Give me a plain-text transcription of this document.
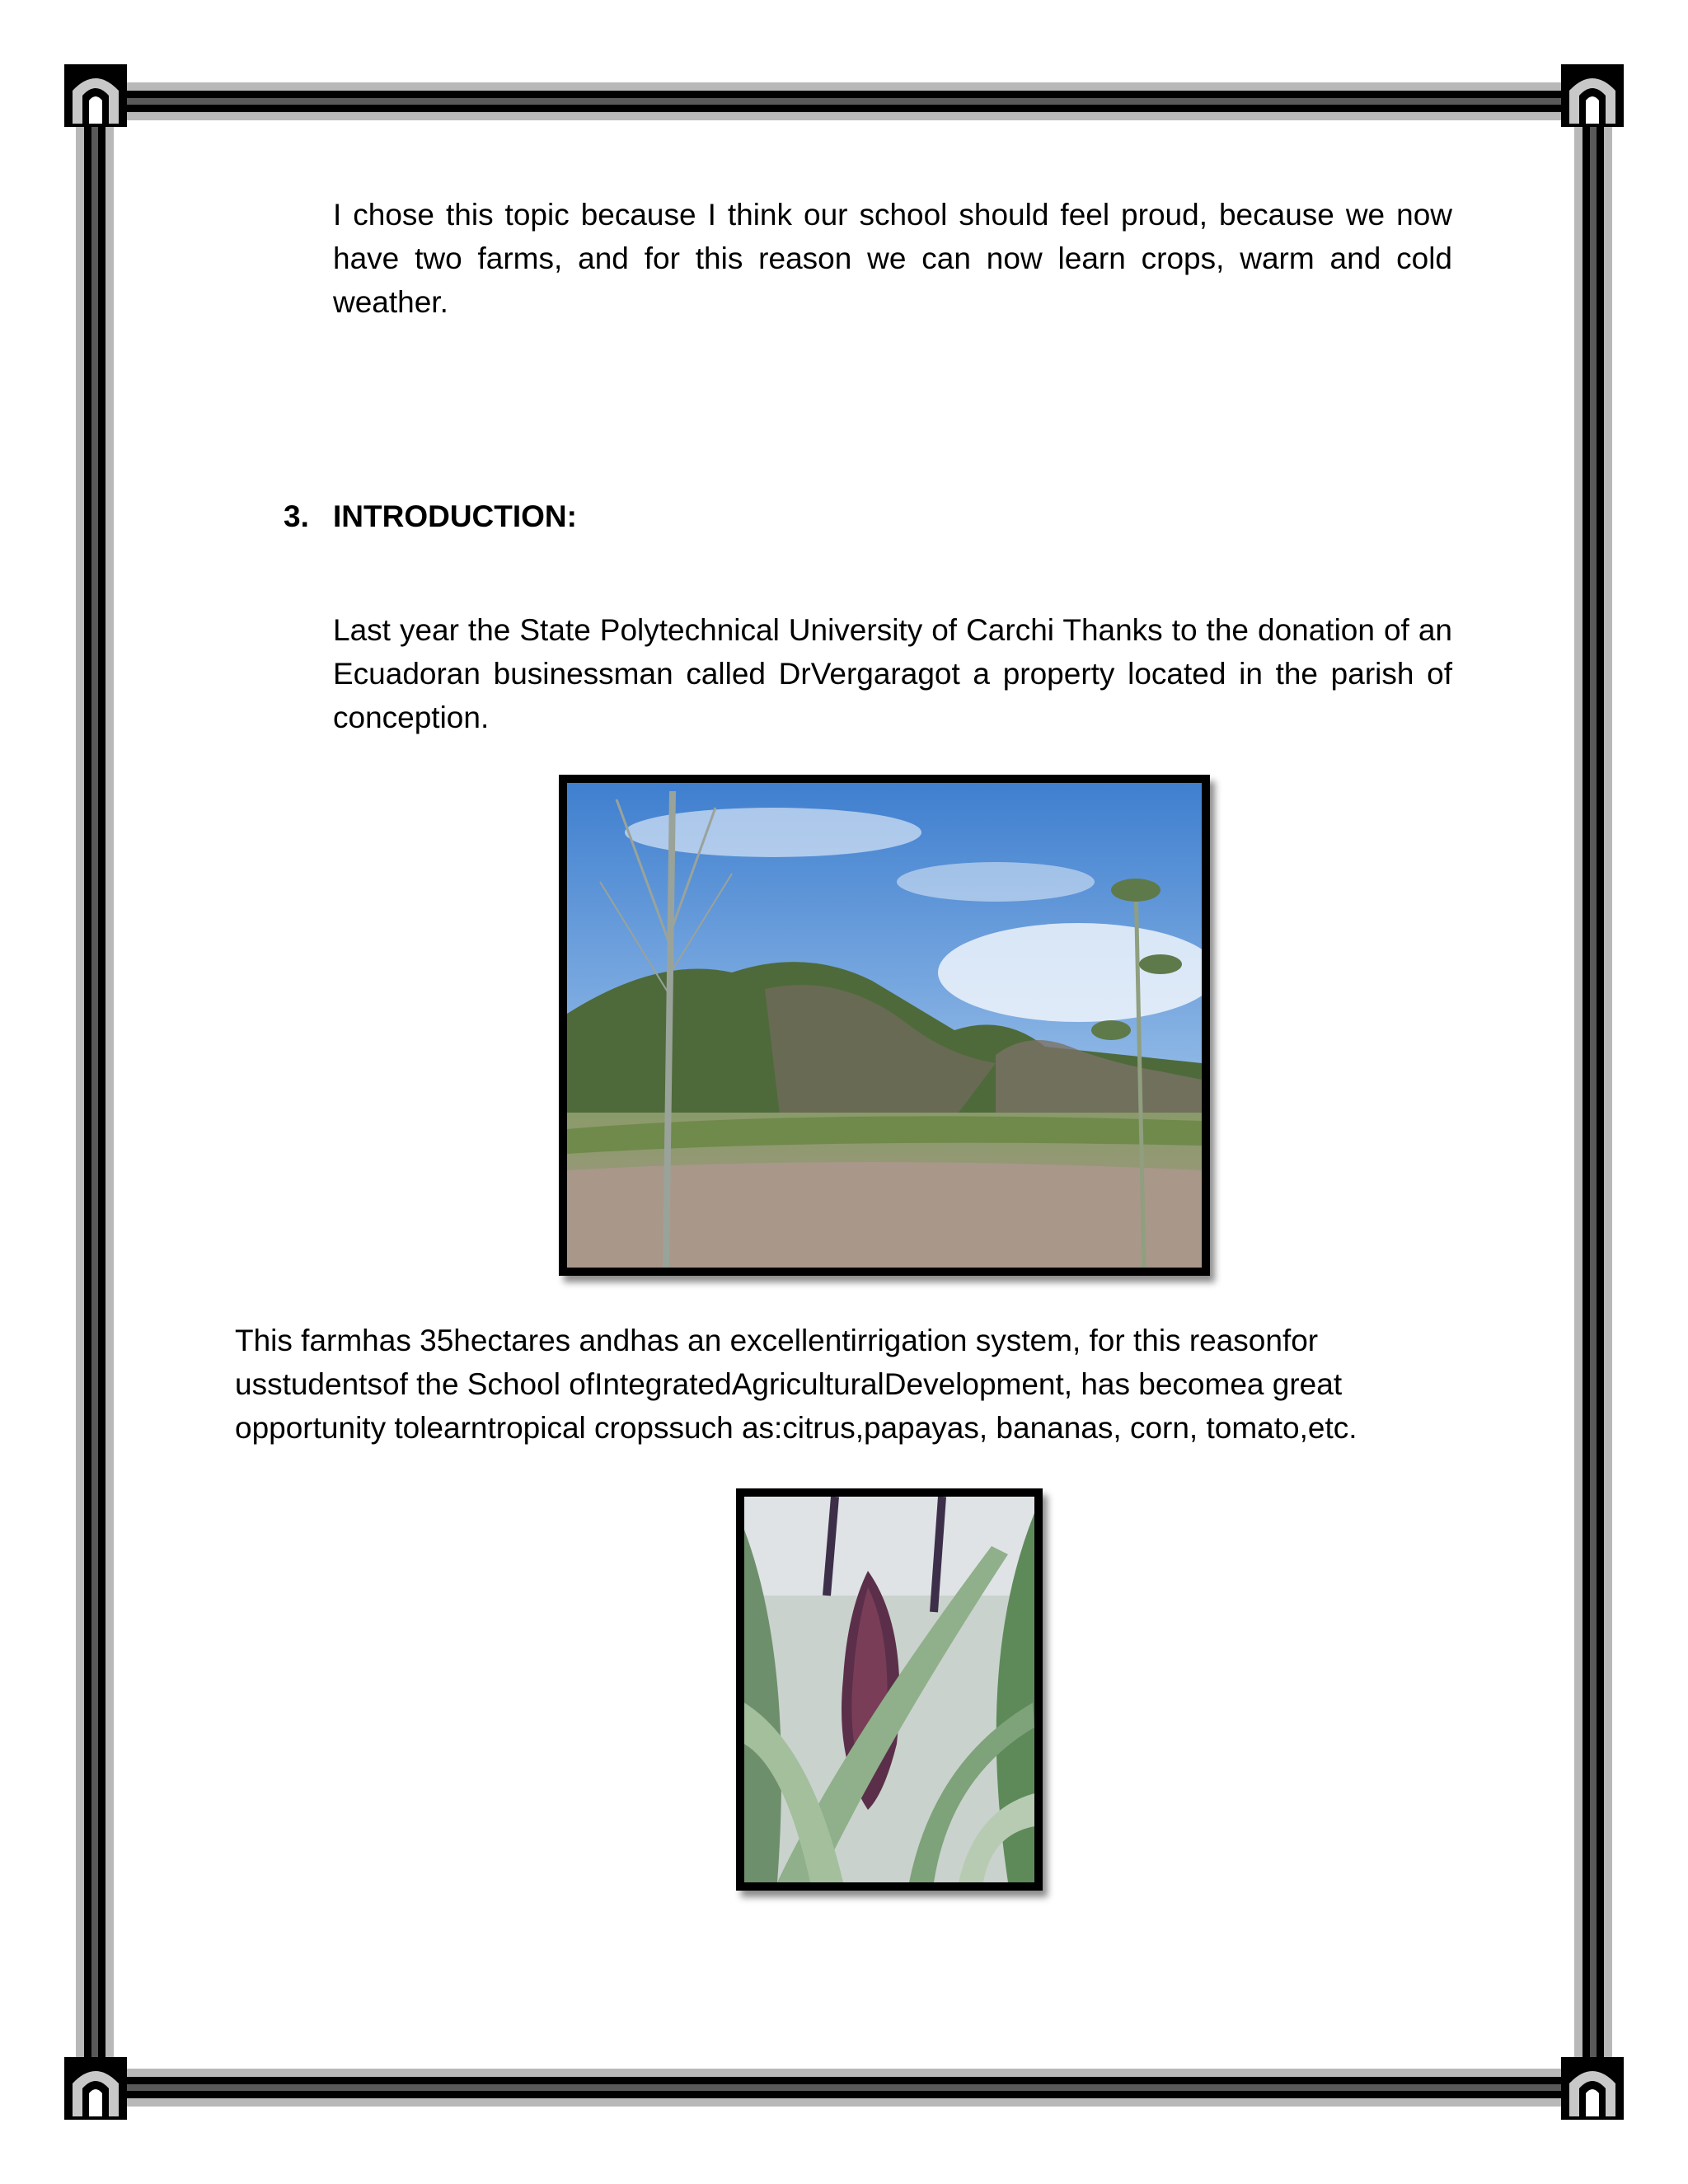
I chose this topic because I think our school should feel proud, because we now have two farms, and for this reason we can now learn crops, warm and cold weather.

3. INTRODUCTION:

Last year the State Polytechnical University of Carchi Thanks to the donation of an Ecuadoran businessman called DrVergaragot a property located in the parish of conception.

This farmhas 35hectares andhas an excellentirrigation system, for this reasonfor usstudentsof the School ofIntegratedAgriculturalDevelopment, has becomea great opportunity tolearntropical cropssuch as:citrus,papayas, bananas, corn, tomato,etc.
